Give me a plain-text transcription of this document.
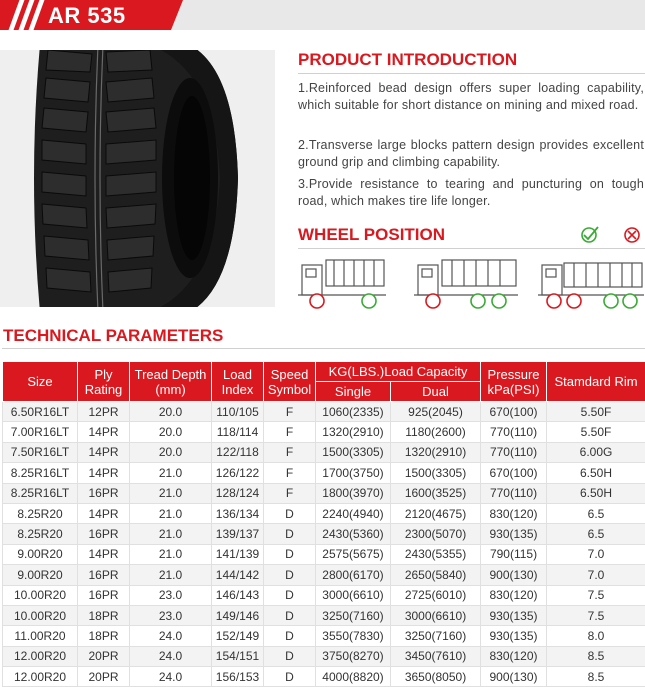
AR 535
PRODUCT INTRODUCTION

1.Reinforced bead design offers super loading capability, which suitable for short distance on mining and mixed road.

2.Transverse large blocks pattern design provides excellent ground grip and climbing capability.

3.Provide resistance to tearing and puncturing on tough road, which makes tire life longer.

WHEEL POSITION
TECHNICAL PARAMETERS
Size	Ply Rating	Tread Depth (mm)	Load Index	Speed Symbol	KG(LBS.)Load Capacity		Pressure kPa(PSI)	Stamdard Rim
					Single	Dual		
6.50R16LT	12PR	20.0	110/105	F	1060(2335)	925(2045)	670(100)	5.50F
7.00R16LT	14PR	20.0	118/114	F	1320(2910)	1180(2600)	770(110)	5.50F
7.50R16LT	14PR	20.0	122/118	F	1500(3305)	1320(2910)	770(110)	6.00G
8.25R16LT	14PR	21.0	126/122	F	1700(3750)	1500(3305)	670(100)	6.50H
8.25R16LT	16PR	21.0	128/124	F	1800(3970)	1600(3525)	770(110)	6.50H
8.25R20	14PR	21.0	136/134	D	2240(4940)	2120(4675)	830(120)	6.5
8.25R20	16PR	21.0	139/137	D	2430(5360)	2300(5070)	930(135)	6.5
9.00R20	14PR	21.0	141/139	D	2575(5675)	2430(5355)	790(115)	7.0
9.00R20	16PR	21.0	144/142	D	2800(6170)	2650(5840)	900(130)	7.0
10.00R20	16PR	23.0	146/143	D	3000(6610)	2725(6010)	830(120)	7.5
10.00R20	18PR	23.0	149/146	D	3250(7160)	3000(6610)	930(135)	7.5
11.00R20	18PR	24.0	152/149	D	3550(7830)	3250(7160)	930(135)	8.0
12.00R20	20PR	24.0	154/151	D	3750(8270)	3450(7610)	830(120)	8.5
12.00R20	20PR	24.0	156/153	D	4000(8820)	3650(8050)	900(130)	8.5
